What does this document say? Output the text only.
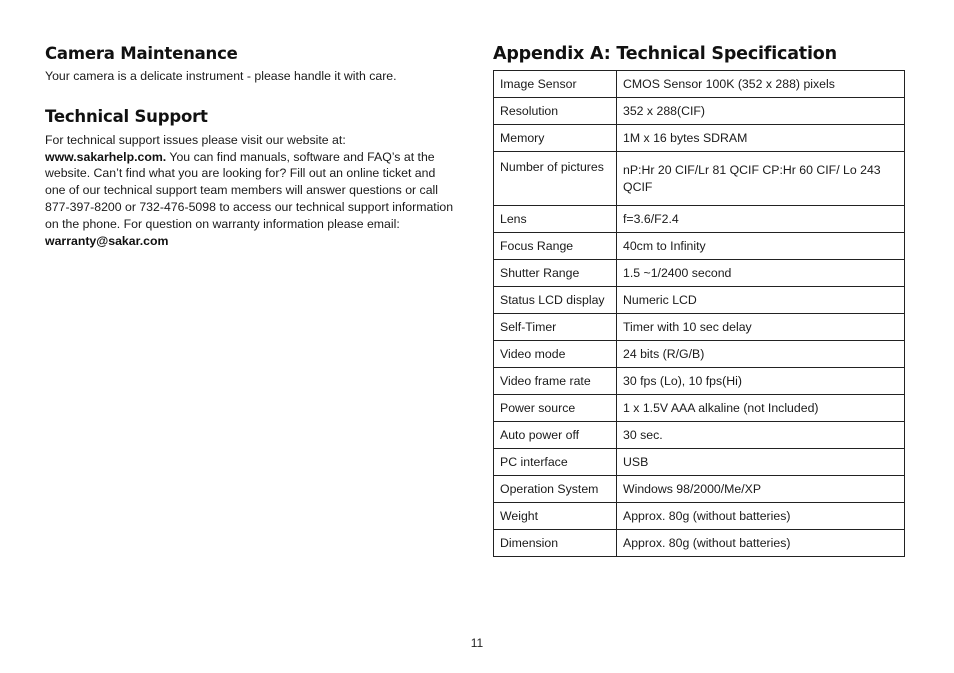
Camera Maintenance

Your camera is a delicate instrument - please handle it with care.

Technical Support

For technical support issues please visit our website at:
www.sakarhelp.com. You can find manuals, software and FAQ’s at the website. Can’t find what you are looking for? Fill out an online ticket and one of our technical support team members will answer questions or call 877-397-8200 or 732-476-5098 to access our technical support information on the phone. For question on warranty information please email: warranty@sakar.com

Appendix A: Technical Specification
Image Sensor	CMOS Sensor 100K (352 x 288) pixels
Resolution	352 x 288(CIF)
Memory	1M x 16 bytes SDRAM
Number of pictures	nP:Hr 20 CIF/Lr 81 QCIF CP:Hr 60 CIF/ Lo 243 QCIF
Lens	f=3.6/F2.4
Focus Range	40cm to Infinity
Shutter Range	1.5 ~1/2400 second
Status LCD display	Numeric LCD
Self-Timer	Timer with 10 sec delay
Video mode	24 bits (R/G/B)
Video frame rate	30 fps (Lo), 10 fps(Hi)
Power source	1 x 1.5V AAA alkaline (not Included)
Auto power off	30 sec.
PC interface	USB
Operation System	Windows 98/2000/Me/XP
Weight	Approx. 80g (without batteries)
Dimension	Approx. 80g (without batteries)
11
